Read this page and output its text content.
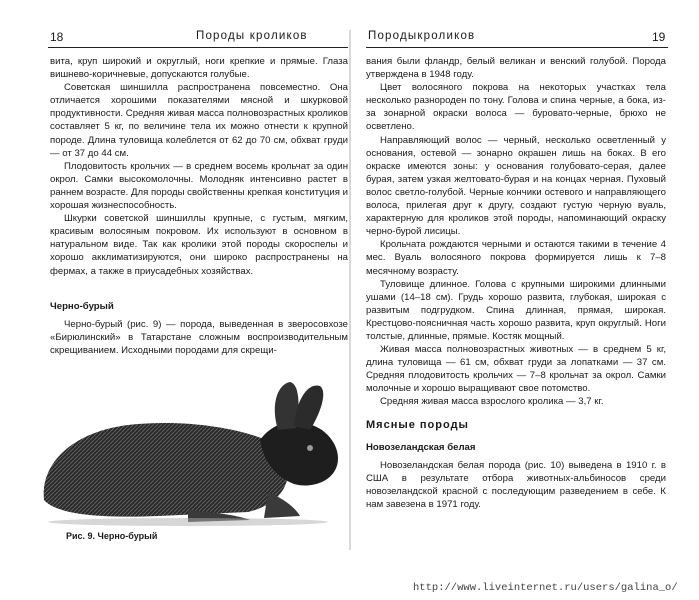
18	Породы кроликов

вита, круп широкий и округлый, ноги крепкие и прямые. Глаза вишнево-коричневые, допускаются голубые.

Советская шиншилла распространена повсеместно. Она отличается хорошими показателями мясной и шкурковой продуктивности. Средняя живая масса полновозрастных кроликов составляет 5 кг, по величине тела их можно отнести к крупной породе. Длина туловища колеблется от 62 до 70 см, обхват груди — от 37 до 44 см.

Плодовитость крольчих — в среднем восемь крольчат за один окрол. Самки высокомолочны. Молодняк интенсивно растет в раннем возрасте. Для породы свойственны крепкая конституция и хорошая жизнеспособность.

Шкурки советской шиншиллы крупные, с густым, мягким, красивым волосяным покровом. Их используют в основном в натуральном виде. Так как кролики этой породы скороспелы и хорошо акклиматизируются, они широко распространены на фермах, а также в приусадебных хозяйствах.

Черно-бурый

Черно-бурый (рис. 9) — порода, выведенная в зверосовхозе «Бирюлинский» в Татарстане сложным воспроизводительным скрещиванием. Исходными породами для скрещи-

Рис. 9. Черно-бурый
Породыкроликов	19

вания были фландр, белый великан и венский голубой. Порода утверждена в 1948 году.

Цвет волосяного покрова на некоторых участках тела несколько разнороден по тону. Голова и спина черные, а бока, из-за зонарной окраски волоса — буровато-черные, брюхо не осветлено.

Направляющий волос — черный, несколько осветленный у основания, остевой — зонарно окрашен лишь на боках. В его окраске имеются зоны: у основания голубовато-серая, далее бурая, затем узкая желтовато-бурая и на концах черная. Пуховый волос светло-голубой. Черные кончики остевого и направляющего волоса, прилегая друг к другу, создают густую черную вуаль, характерную для кроликов этой породы, напоминающий окраску черно-бурой лисицы.

Крольчата рождаются черными и остаются такими в течение 4 мес. Вуаль волосяного покрова формируется лишь к 7–8 месячному возрасту.

Туловище длинное. Голова с крупными широкими длинными ушами (14–18 см). Грудь хорошо развита, глубокая, широкая с развитым подгрудком. Спина длинная, прямая, широкая. Крестцово-поясничная часть хорошо развита, круп округлый. Ноги толстые, длинные, прямые. Костяк мощный.

Живая масса полновозрастных животных — в среднем 5 кг, длина туловища — 61 см, обхват груди за лопатками — 37 см. Средняя плодовитость крольчих — 7–8 крольчат за окрол. Самки молочные и хорошо выращивают свое потомство.

Средняя живая масса взрослого кролика — 3,7 кг.

Мясные породы

Новозеландская белая

Новозеландская белая порода (рис. 10) выведена в 1910 г. в США в результате отбора животных-альбиносов среди новозеландской красной с последующим разведением в себе. К нам завезена в 1971 году.

http://www.liveinternet.ru/users/galina_o/
